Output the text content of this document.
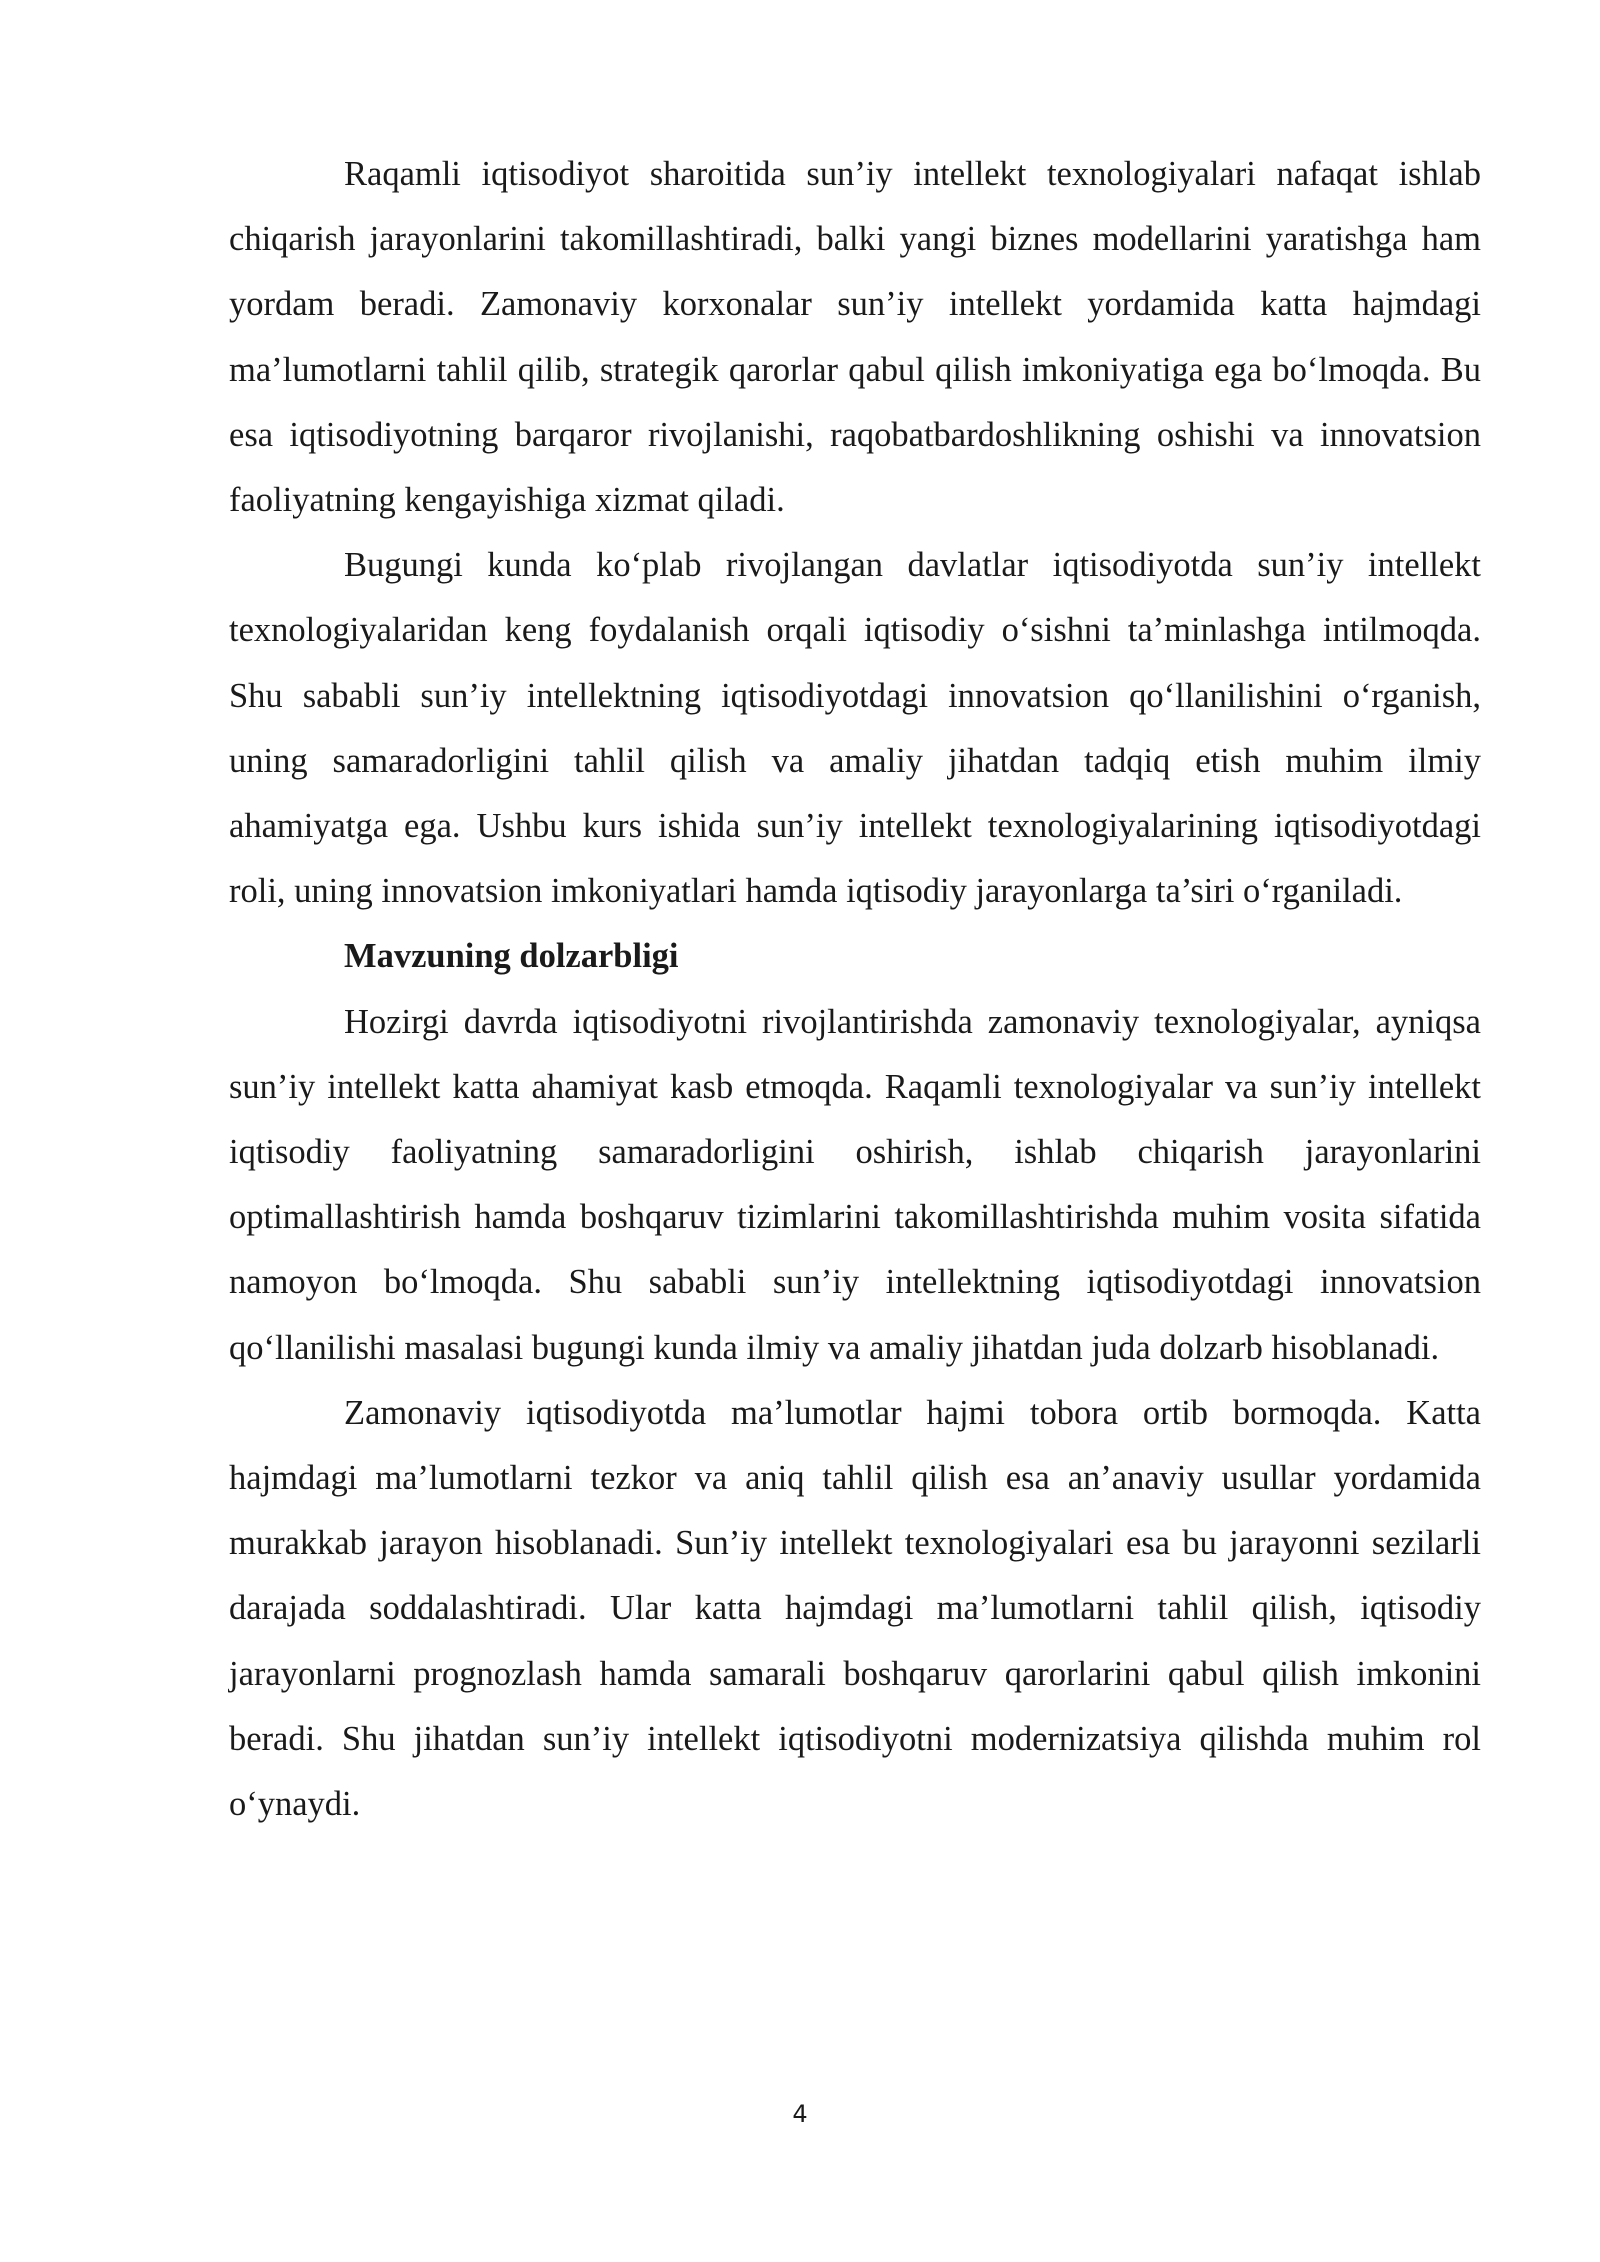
Raqamli iqtisodiyot sharoitida sun’iy intellekt texnologiyalari nafaqat ishlab chiqarish jarayonlarini takomillashtiradi, balki yangi biznes modellarini yaratishga ham yordam beradi. Zamonaviy korxonalar sun’iy intellekt yordamida katta hajmdagi ma’lumotlarni tahlil qilib, strategik qarorlar qabul qilish imkoniyatiga ega bo‘lmoqda. Bu esa iqtisodiyotning barqaror rivojlanishi, raqobatbardoshlikning oshishi va innovatsion faoliyatning kengayishiga xizmat qiladi.

Bugungi kunda ko‘plab rivojlangan davlatlar iqtisodiyotda sun’iy intellekt texnologiyalaridan keng foydalanish orqali iqtisodiy o‘sishni ta’minlashga intilmoqda. Shu sababli sun’iy intellektning iqtisodiyotdagi innovatsion qo‘llanilishini o‘rganish, uning samaradorligini tahlil qilish va amaliy jihatdan tadqiq etish muhim ilmiy ahamiyatga ega. Ushbu kurs ishida sun’iy intellekt texnologiyalarining iqtisodiyotdagi roli, uning innovatsion imkoniyatlari hamda iqtisodiy jarayonlarga ta’siri o‘rganiladi.

Mavzuning dolzarbligi

Hozirgi davrda iqtisodiyotni rivojlantirishda zamonaviy texnologiyalar, ayniqsa sun’iy intellekt katta ahamiyat kasb etmoqda. Raqamli texnologiyalar va sun’iy intellekt iqtisodiy faoliyatning samaradorligini oshirish, ishlab chiqarish jarayonlarini optimallashtirish hamda boshqaruv tizimlarini takomillashtirishda muhim vosita sifatida namoyon bo‘lmoqda. Shu sababli sun’iy intellektning iqtisodiyotdagi innovatsion qo‘llanilishi masalasi bugungi kunda ilmiy va amaliy jihatdan juda dolzarb hisoblanadi.

Zamonaviy iqtisodiyotda ma’lumotlar hajmi tobora ortib bormoqda. Katta hajmdagi ma’lumotlarni tezkor va aniq tahlil qilish esa an’anaviy usullar yordamida murakkab jarayon hisoblanadi. Sun’iy intellekt texnologiyalari esa bu jarayonni sezilarli darajada soddalashtiradi. Ular katta hajmdagi ma’lumotlarni tahlil qilish, iqtisodiy jarayonlarni prognozlash hamda samarali boshqaruv qarorlarini qabul qilish imkonini beradi. Shu jihatdan sun’iy intellekt iqtisodiyotni modernizatsiya qilishda muhim rol o‘ynaydi.

4
